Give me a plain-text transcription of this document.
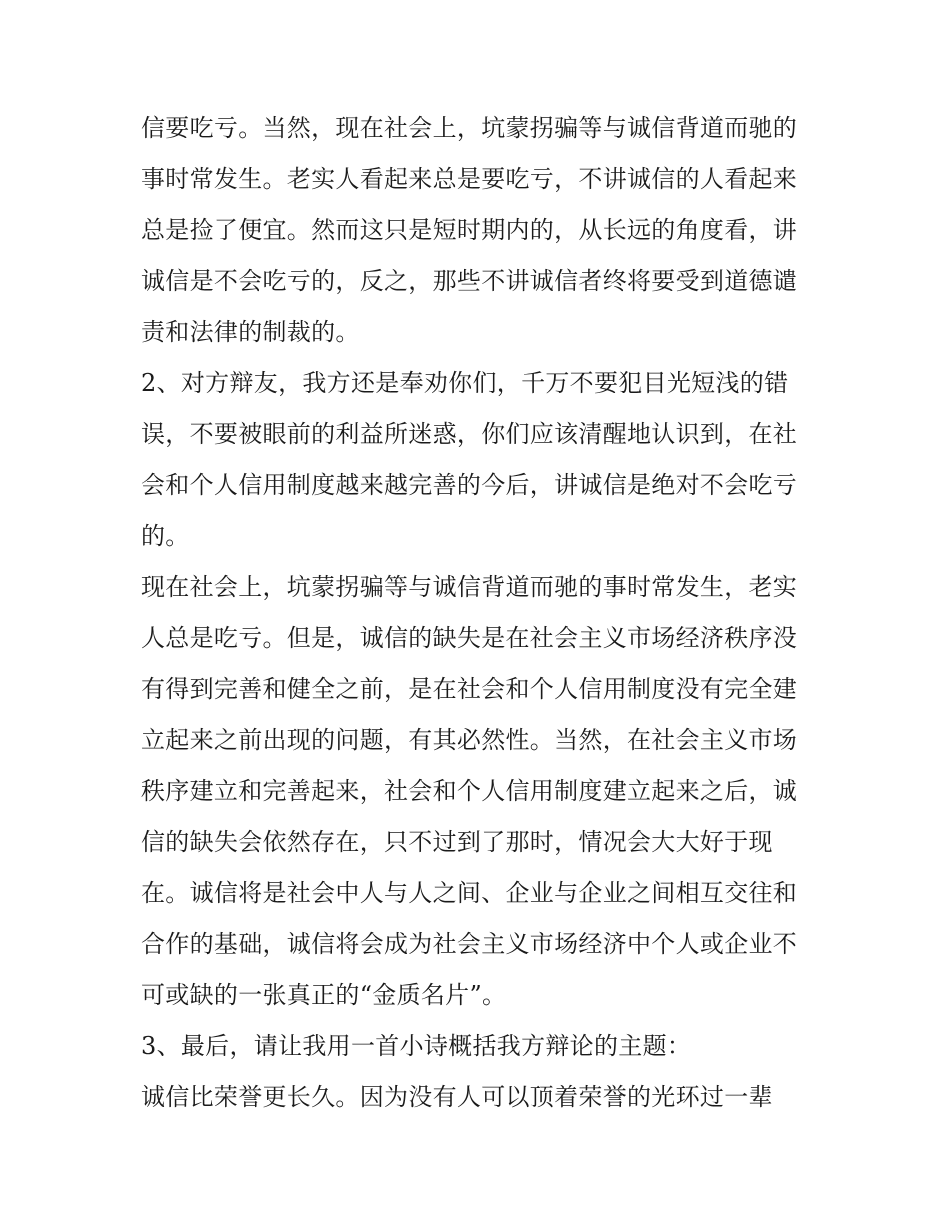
信要吃亏。当然，现在社会上，坑蒙拐骗等与诚信背道而驰的
事时常发生。老实人看起来总是要吃亏，不讲诚信的人看起来
总是捡了便宜。然而这只是短时期内的，从长远的角度看，讲
诚信是不会吃亏的，反之，那些不讲诚信者终将要受到道德谴
责和法律的制裁的。
2、对方辩友，我方还是奉劝你们，千万不要犯目光短浅的错
误，不要被眼前的利益所迷惑，你们应该清醒地认识到，在社
会和个人信用制度越来越完善的今后，讲诚信是绝对不会吃亏
的。
现在社会上，坑蒙拐骗等与诚信背道而驰的事时常发生，老实
人总是吃亏。但是，诚信的缺失是在社会主义市场经济秩序没
有得到完善和健全之前，是在社会和个人信用制度没有完全建
立起来之前出现的问题，有其必然性。当然，在社会主义市场
秩序建立和完善起来，社会和个人信用制度建立起来之后，诚
信的缺失会依然存在，只不过到了那时，情况会大大好于现
在。诚信将是社会中人与人之间、企业与企业之间相互交往和
合作的基础，诚信将会成为社会主义市场经济中个人或企业不
可或缺的一张真正的“金质名片”。
3、最后，请让我用一首小诗概括我方辩论的主题：
诚信比荣誉更长久。因为没有人可以顶着荣誉的光环过一辈
